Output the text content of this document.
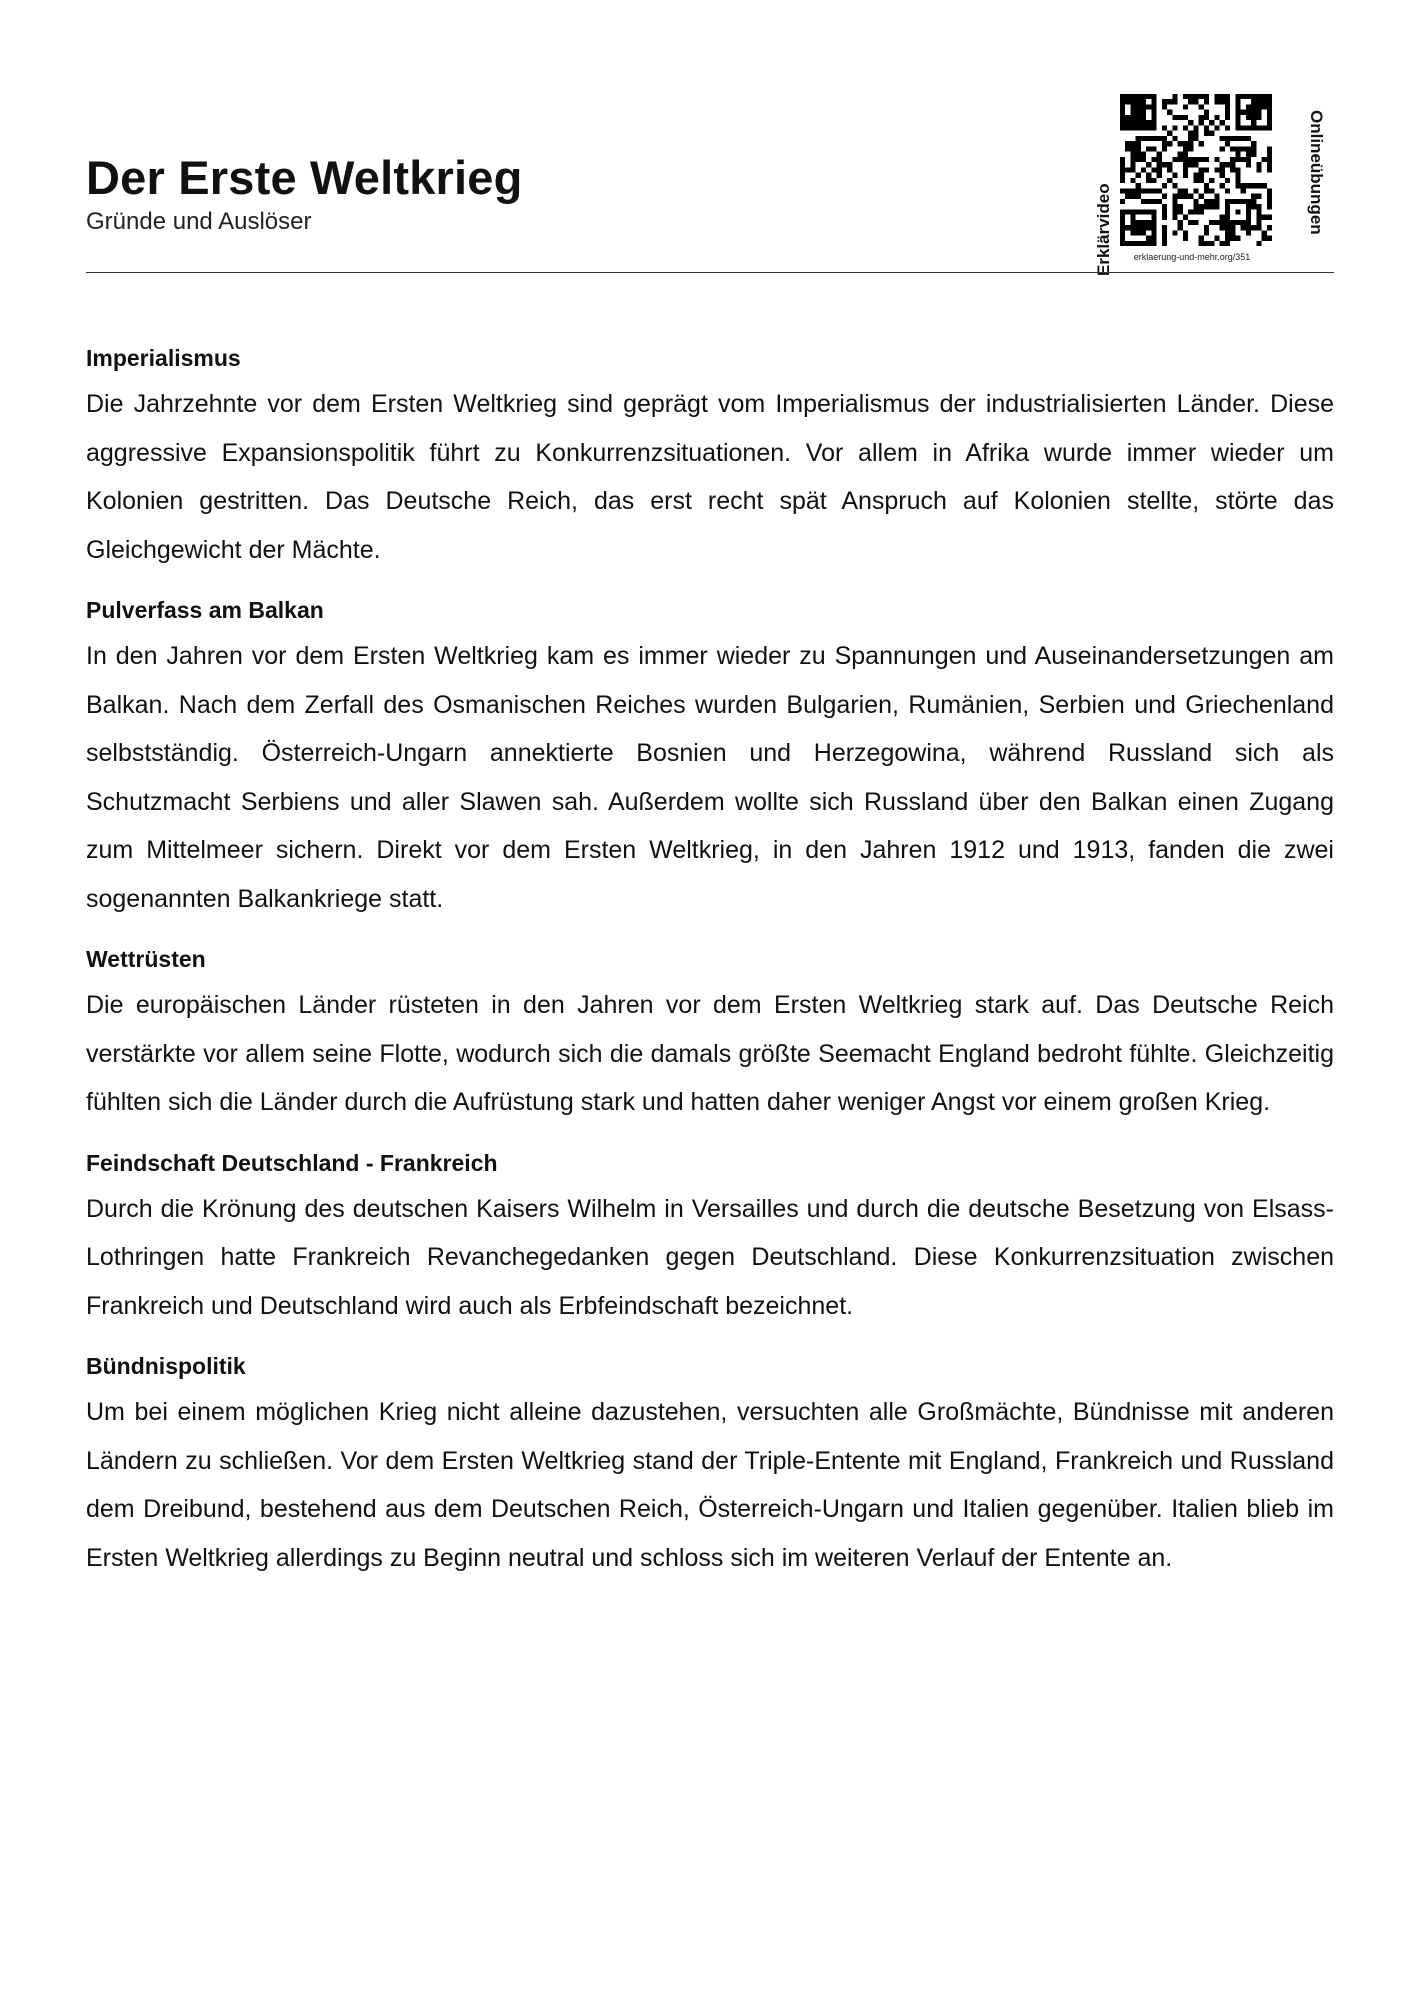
Der Erste Weltkrieg
Gründe und Auslöser	Erklärvideo	Onlineübungen
erklaerung-und-mehr.org/351
Imperialismus

Die Jahrzehnte vor dem Ersten Weltkrieg sind geprägt vom Imperialismus der industrialisierten Länder. Diese aggressive Expansionspolitik führt zu Konkurrenzsituationen. Vor allem in Afrika wurde immer wieder um Kolonien gestritten. Das Deutsche Reich, das erst recht spät Anspruch auf Kolonien stellte, störte das Gleichgewicht der Mächte.

Pulverfass am Balkan

In den Jahren vor dem Ersten Weltkrieg kam es immer wieder zu Spannungen und Auseinandersetzungen am Balkan. Nach dem Zerfall des Osmanischen Reiches wurden Bulgarien, Rumänien, Serbien und Griechenland selbstständig. Österreich-Ungarn annektierte Bosnien und Herzegowina, während Russland sich als Schutzmacht Serbiens und aller Slawen sah. Außerdem wollte sich Russland über den Balkan einen Zugang zum Mittelmeer sichern. Direkt vor dem Ersten Weltkrieg, in den Jahren 1912 und 1913, fanden die zwei sogenannten Balkankriege statt.

Wettrüsten

Die europäischen Länder rüsteten in den Jahren vor dem Ersten Weltkrieg stark auf. Das Deutsche Reich verstärkte vor allem seine Flotte, wodurch sich die damals größte Seemacht England bedroht fühlte. Gleichzeitig fühlten sich die Länder durch die Aufrüstung stark und hatten daher weniger Angst vor einem großen Krieg.

Feindschaft Deutschland - Frankreich

Durch die Krönung des deutschen Kaisers Wilhelm in Versailles und durch die deutsche Besetzung von Elsass-Lothringen hatte Frankreich Revanchegedanken gegen Deutschland. Diese Konkurrenzsituation zwischen Frankreich und Deutschland wird auch als Erbfeindschaft bezeichnet.

Bündnispolitik

Um bei einem möglichen Krieg nicht alleine dazustehen, versuchten alle Großmächte, Bündnisse mit anderen Ländern zu schließen. Vor dem Ersten Weltkrieg stand der Triple-Entente mit England, Frankreich und Russland dem Dreibund, bestehend aus dem Deutschen Reich, Österreich-Ungarn und Italien gegenüber. Italien blieb im Ersten Weltkrieg allerdings zu Beginn neutral und schloss sich im weiteren Verlauf der Entente an.
